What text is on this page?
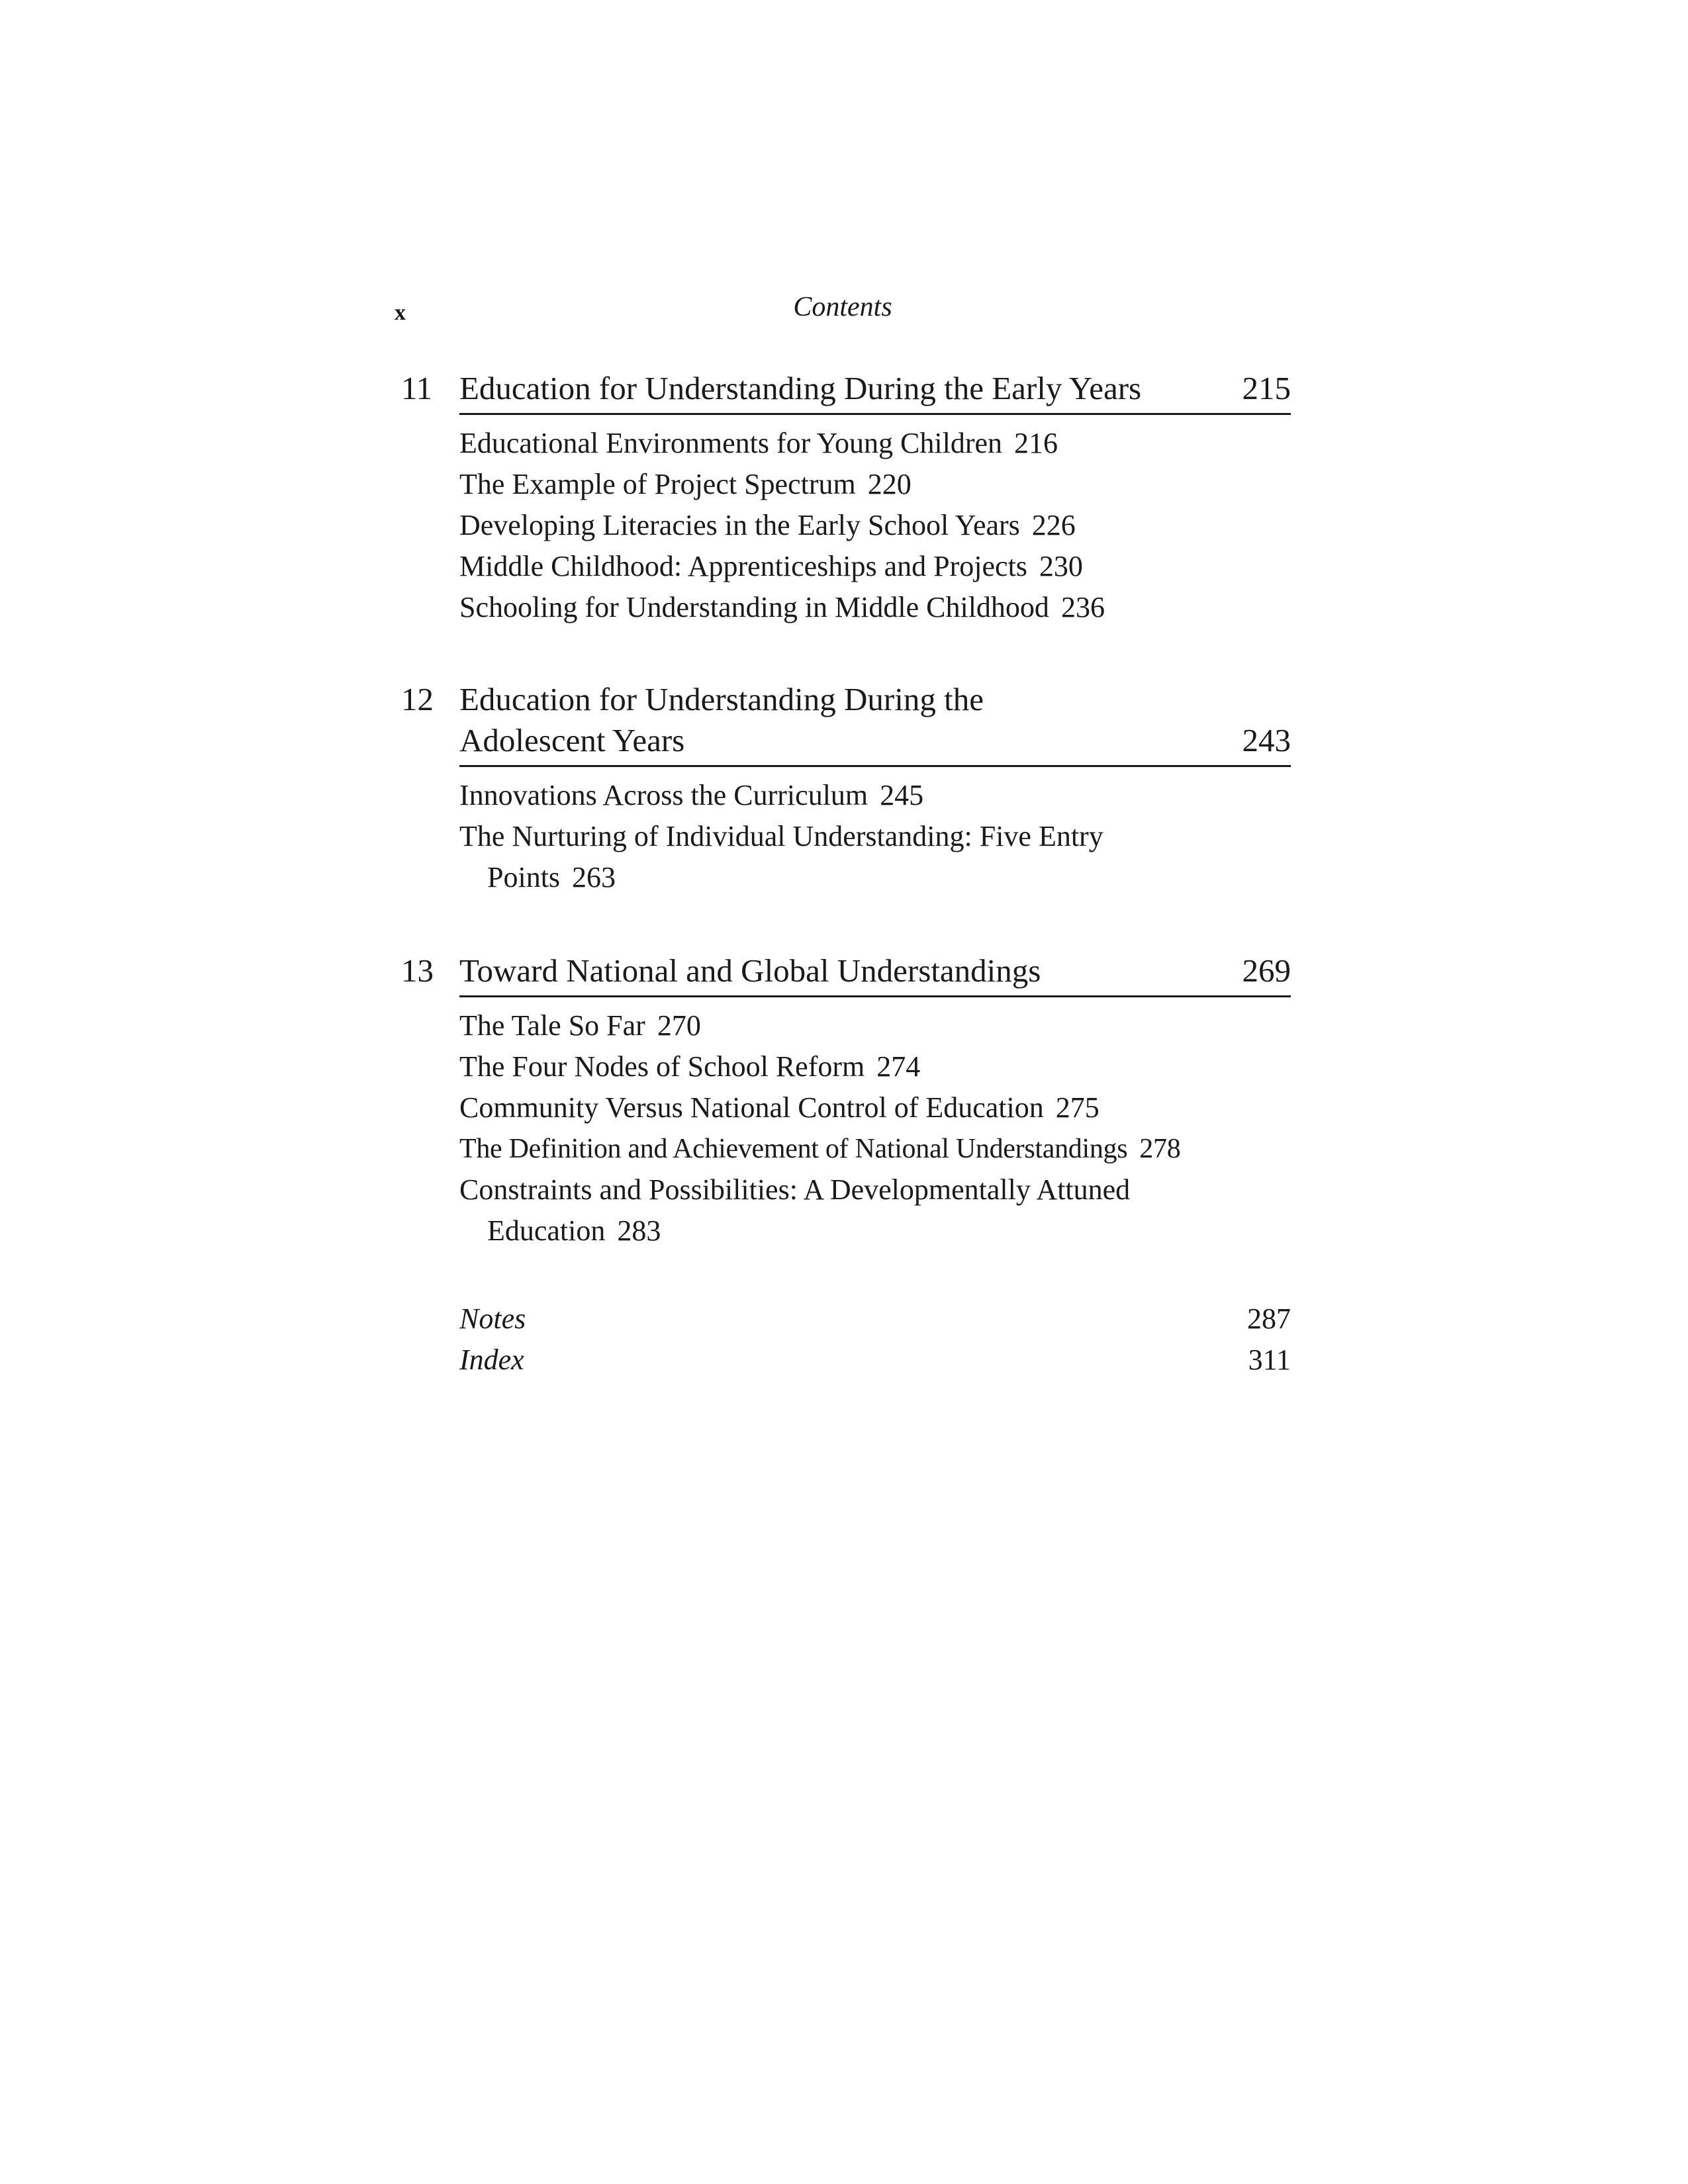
x	Contents
11 Education for Understanding During the Early Years	215
Educational Environments for Young Children 216
The Example of Project Spectrum 220
Developing Literacies in the Early School Years 226
Middle Childhood: Apprenticeships and Projects 230
Schooling for Understanding in Middle Childhood 236
12 Education for Understanding During the Adolescent Years	243
Innovations Across the Curriculum 245
The Nurturing of Individual Understanding: Five Entry Points 263
13 Toward National and Global Understandings	269
The Tale So Far 270
The Four Nodes of School Reform 274
Community Versus National Control of Education 275
The Definition and Achievement of National Understandings 278
Constraints and Possibilities: A Developmentally Attuned Education 283
Notes	287
Index	311
